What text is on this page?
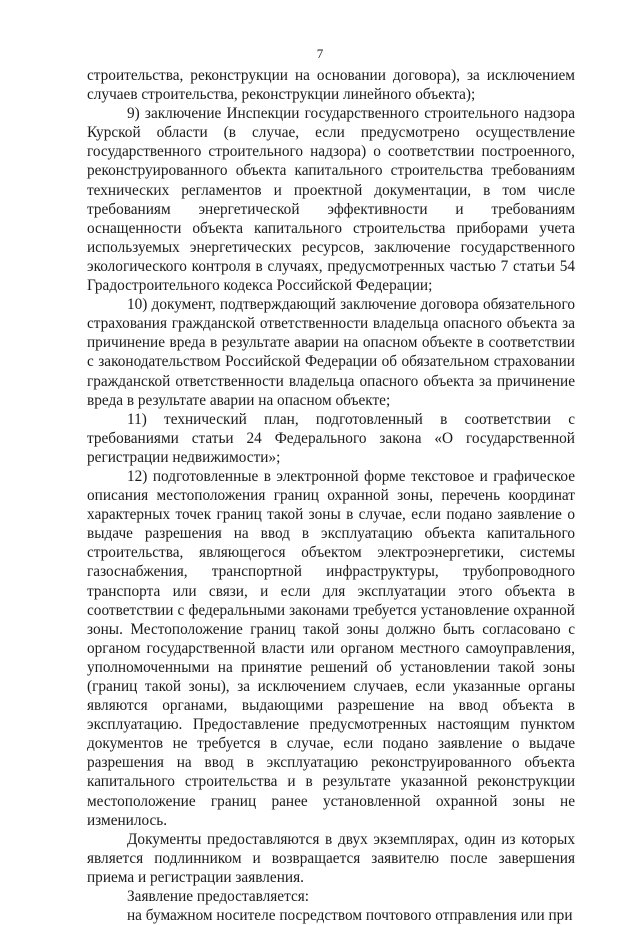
7

строительства, реконструкции на основании договора), за исключением случаев строительства, реконструкции линейного объекта);

9) заключение Инспекции государственного строительного надзора Курской области (в случае, если предусмотрено осуществление государственного строительного надзора) о соответствии построенного, реконструированного объекта капитального строительства требованиям технических регламентов и проектной документации, в том числе требованиям энергетической эффективности и требованиям оснащенности объекта капитального строительства приборами учета используемых энергетических ресурсов, заключение государственного экологического контроля в случаях, предусмотренных частью 7 статьи 54 Градостроительного кодекса Российской Федерации;

10) документ, подтверждающий заключение договора обязательного страхования гражданской ответственности владельца опасного объекта за причинение вреда в результате аварии на опасном объекте в соответствии с законодательством Российской Федерации об обязательном страховании гражданской ответственности владельца опасного объекта за причинение вреда в результате аварии на опасном объекте;

11) технический план, подготовленный в соответствии с требованиями статьи 24 Федерального закона «О государственной регистрации недвижимости»;

12) подготовленные в электронной форме текстовое и графическое описания местоположения границ охранной зоны, перечень координат характерных точек границ такой зоны в случае, если подано заявление о выдаче разрешения на ввод в эксплуатацию объекта капитального строительства, являющегося объектом электроэнергетики, системы газоснабжения, транспортной инфраструктуры, трубопроводного транспорта или связи, и если для эксплуатации этого объекта в соответствии с федеральными законами требуется установление охранной зоны. Местоположение границ такой зоны должно быть согласовано с органом государственной власти или органом местного самоуправления, уполномоченными на принятие решений об установлении такой зоны (границ такой зоны), за исключением случаев, если указанные органы являются органами, выдающими разрешение на ввод объекта в эксплуатацию. Предоставление предусмотренных настоящим пунктом документов не требуется в случае, если подано заявление о выдаче разрешения на ввод в эксплуатацию реконструированного объекта капитального строительства и в результате указанной реконструкции местоположение границ ранее установленной охранной зоны не изменилось.

Документы предоставляются в двух экземплярах, один из которых является подлинником и возвращается заявителю после завершения приема и регистрации заявления.

Заявление предоставляется:

на бумажном носителе посредством почтового отправления или при
